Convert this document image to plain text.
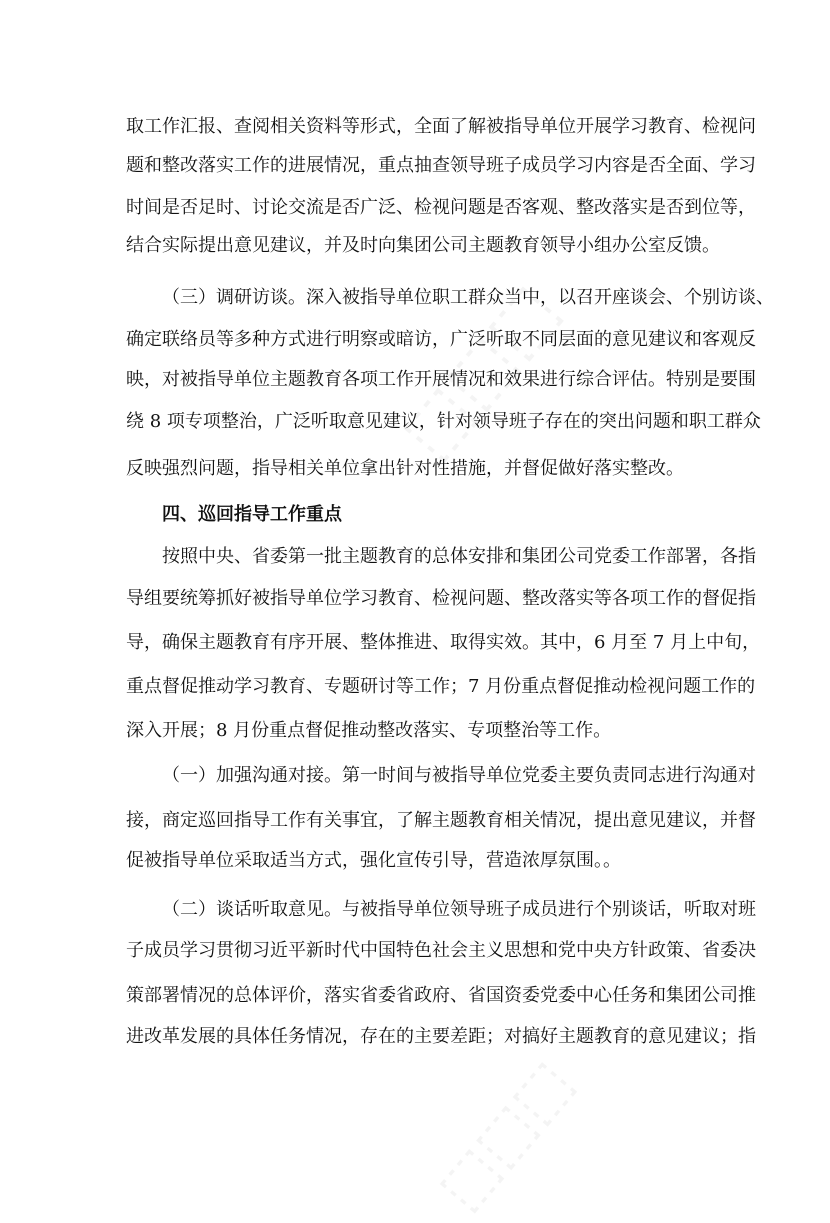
取工作汇报、查阅相关资料等形式，全面了解被指导单位开展学习教育、检视问
题和整改落实工作的进展情况，重点抽查领导班子成员学习内容是否全面、学习
时间是否足时、讨论交流是否广泛、检视问题是否客观、整改落实是否到位等，
结合实际提出意见建议，并及时向集团公司主题教育领导小组办公室反馈。
（三）调研访谈。深入被指导单位职工群众当中，以召开座谈会、个别访谈、
确定联络员等多种方式进行明察或暗访，广泛听取不同层面的意见建议和客观反
映，对被指导单位主题教育各项工作开展情况和效果进行综合评估。特别是要围
绕 8 项专项整治，广泛听取意见建议，针对领导班子存在的突出问题和职工群众
反映强烈问题，指导相关单位拿出针对性措施，并督促做好落实整改。
四、巡回指导工作重点
按照中央、省委第一批主题教育的总体安排和集团公司党委工作部署，各指
导组要统筹抓好被指导单位学习教育、检视问题、整改落实等各项工作的督促指
导，确保主题教育有序开展、整体推进、取得实效。其中，6 月至 7 月上中旬，
重点督促推动学习教育、专题研讨等工作；7 月份重点督促推动检视问题工作的
深入开展；8 月份重点督促推动整改落实、专项整治等工作。
（一）加强沟通对接。第一时间与被指导单位党委主要负责同志进行沟通对
接，商定巡回指导工作有关事宜，了解主题教育相关情况，提出意见建议，并督
促被指导单位采取适当方式，强化宣传引导，营造浓厚氛围。。
（二）谈话听取意见。与被指导单位领导班子成员进行个别谈话，听取对班
子成员学习贯彻习近平新时代中国特色社会主义思想和党中央方针政策、省委决
策部署情况的总体评价，落实省委省政府、省国资委党委中心任务和集团公司推
进改革发展的具体任务情况，存在的主要差距；对搞好主题教育的意见建议；指
